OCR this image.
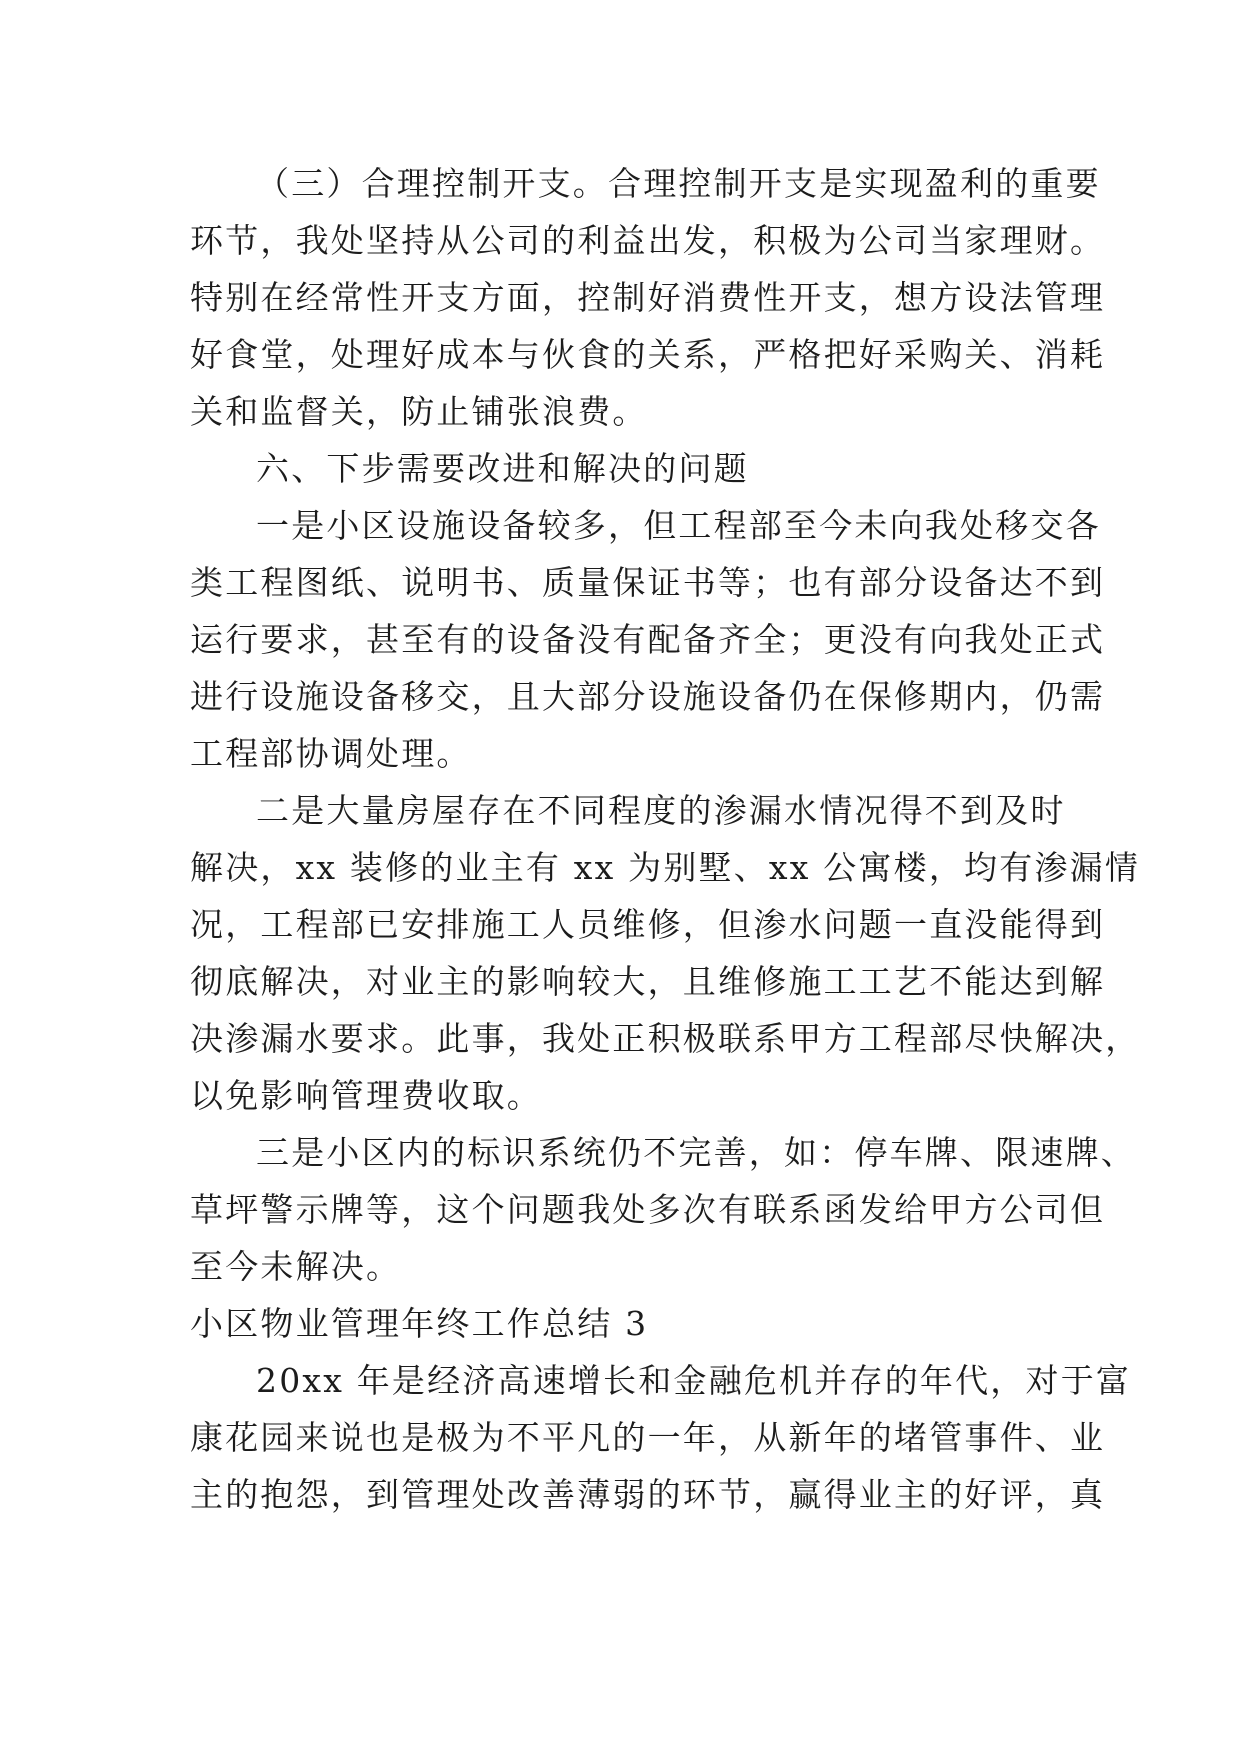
（三）合理控制开支。合理控制开支是实现盈利的重要
环节，我处坚持从公司的利益出发，积极为公司当家理财。
特别在经常性开支方面，控制好消费性开支，想方设法管理
好食堂，处理好成本与伙食的关系，严格把好采购关、消耗
关和监督关，防止铺张浪费。
六、下步需要改进和解决的问题
一是小区设施设备较多，但工程部至今未向我处移交各
类工程图纸、说明书、质量保证书等；也有部分设备达不到
运行要求，甚至有的设备没有配备齐全；更没有向我处正式
进行设施设备移交，且大部分设施设备仍在保修期内，仍需
工程部协调处理。
二是大量房屋存在不同程度的渗漏水情况得不到及时
解决，xx 装修的业主有 xx 为别墅、xx 公寓楼，均有渗漏情
况，工程部已安排施工人员维修，但渗水问题一直没能得到
彻底解决，对业主的影响较大，且维修施工工艺不能达到解
决渗漏水要求。此事，我处正积极联系甲方工程部尽快解决，
以免影响管理费收取。
三是小区内的标识系统仍不完善，如：停车牌、限速牌、
草坪警示牌等，这个问题我处多次有联系函发给甲方公司但
至今未解决。
小区物业管理年终工作总结 3
20xx 年是经济高速增长和金融危机并存的年代，对于富
康花园来说也是极为不平凡的一年，从新年的堵管事件、业
主的抱怨，到管理处改善薄弱的环节，赢得业主的好评，真
